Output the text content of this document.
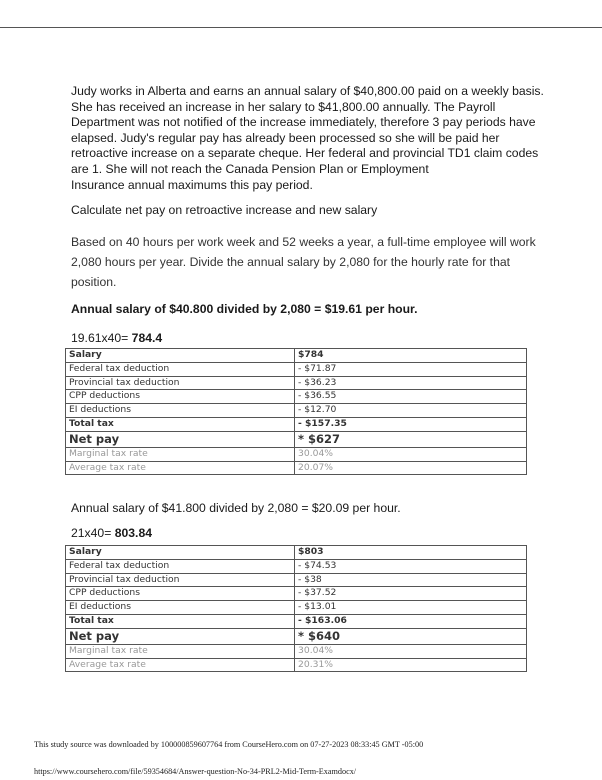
Judy works in Alberta and earns an annual salary of $40,800.00 paid on a weekly basis.
She has received an increase in her salary to $41,800.00 annually. The Payroll
Department was not notified of the increase immediately, therefore 3 pay periods have
elapsed. Judy's regular pay has already been processed so she will be paid her
retroactive increase on a separate cheque. Her federal and provincial TD1 claim codes
are 1. She will not reach the Canada Pension Plan or Employment
Insurance annual maximums this pay period.

Calculate net pay on retroactive increase and new salary

Based on 40 hours per work week and 52 weeks a year, a full-time employee will work
2,080 hours per year. Divide the annual salary by 2,080 for the hourly rate for that
position.

Annual salary of $40.800 divided by 2,080 = $19.61 per hour.

19.61x40= 784.4

Salary	$784
Federal tax deduction	- $71.87
Provincial tax deduction	- $36.23
CPP deductions	- $36.55
EI deductions	- $12.70
Total tax	- $157.35
Net pay	* $627
Marginal tax rate	30.04%
Average tax rate	20.07%

Annual salary of $41.800 divided by 2,080 = $20.09 per hour.

21x40= 803.84

Salary	$803
Federal tax deduction	- $74.53
Provincial tax deduction	- $38
CPP deductions	- $37.52
EI deductions	- $13.01
Total tax	- $163.06
Net pay	* $640
Marginal tax rate	30.04%
Average tax rate	20.31%
This study source was downloaded by 100000859607764 from CourseHero.com on 07-27-2023 08:33:45 GMT -05:00
https://www.coursehero.com/file/59354684/Answer-question-No-34-PRL2-Mid-Term-Examdocx/
